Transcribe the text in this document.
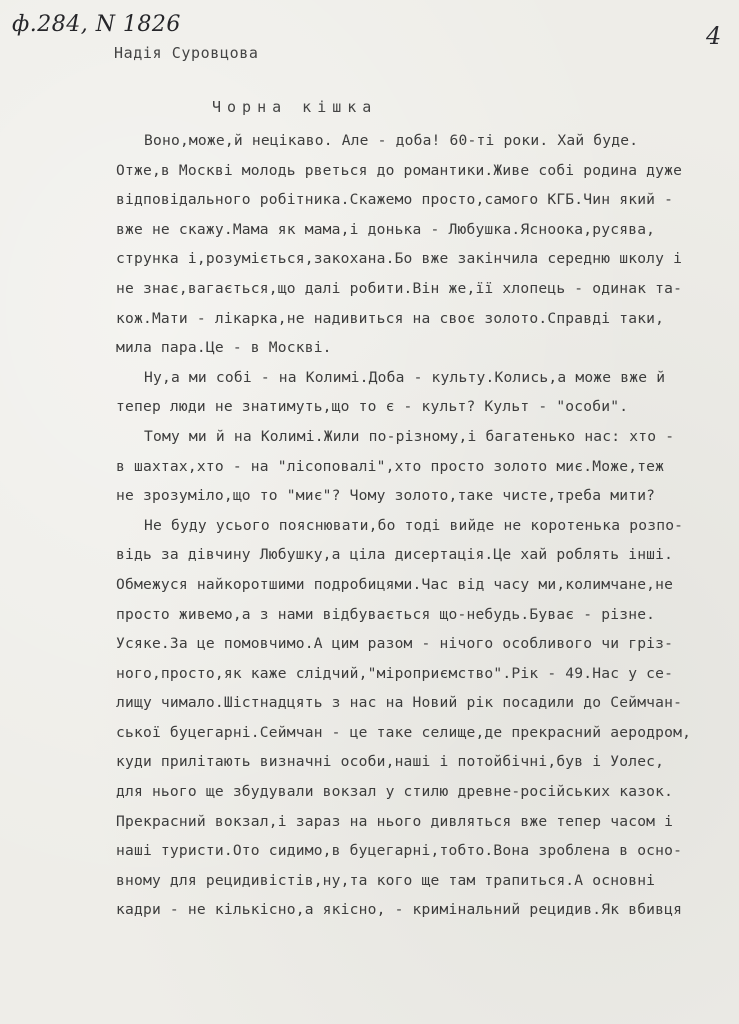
ф.284, N 1826	4
Надія Суровцова
Чорна кішка
Воно,може,й нецікаво. Але - доба! 60-ті роки. Хай буде.
Отже,в Москві молодь рветься до романтики.Живе собі родина дуже
відповідального робітника.Скажемо просто,самого КГБ.Чин який -
вже не скажу.Мама як мама,і донька - Любушка.Ясноока,русява,
струнка і,розуміється,закохана.Бо вже закінчила середню школу і
не знає,вагається,що далі робити.Він же,її хлопець - одинак та-
кож.Мати - лікарка,не надивиться на своє золото.Справді таки,
мила пара.Це - в Москві.
Ну,а ми собі - на Колимі.Доба - культу.Колись,а може вже й
тепер люди не знатимуть,що то є - культ? Культ - "особи".
Тому ми й на Колимі.Жили по-різному,і багатенько нас: хто -
в шахтах,хто - на "лісоповалі",хто просто золото миє.Може,теж
не зрозуміло,що то "миє"? Чому золото,таке чисте,треба мити?
Не буду усього пояснювати,бо тоді вийде не коротенька розпо-
відь за дівчину Любушку,а ціла дисертація.Це хай роблять інші.
Обмежуся найкоротшими подробицями.Час від часу ми,колимчане,не
просто живемо,а з нами відбувається що-небудь.Буває - різне.
Усяке.За це помовчимо.А цим разом - нічого особливого чи гріз-
ного,просто,як каже слідчий,"міроприємство".Рік - 49.Нас у се-
лищу чимало.Шістнадцять з нас на Новий рік посадили до Сеймчан-
ської буцегарні.Сеймчан - це таке селище,де прекрасний аеродром,
куди прилітають визначні особи,наші і потойбічні,був і Уолес,
для нього ще збудували вокзал у стилю древне-російських казок.
Прекрасний вокзал,і зараз на нього дивляться вже тепер часом і
наші туристи.Ото сидимо,в буцегарні,тобто.Вона зроблена в осно-
вному для рецидивістів,ну,та кого ще там трапиться.А основні
кадри - не кількісно,а якісно, - кримінальний рецидив.Як вбивця
